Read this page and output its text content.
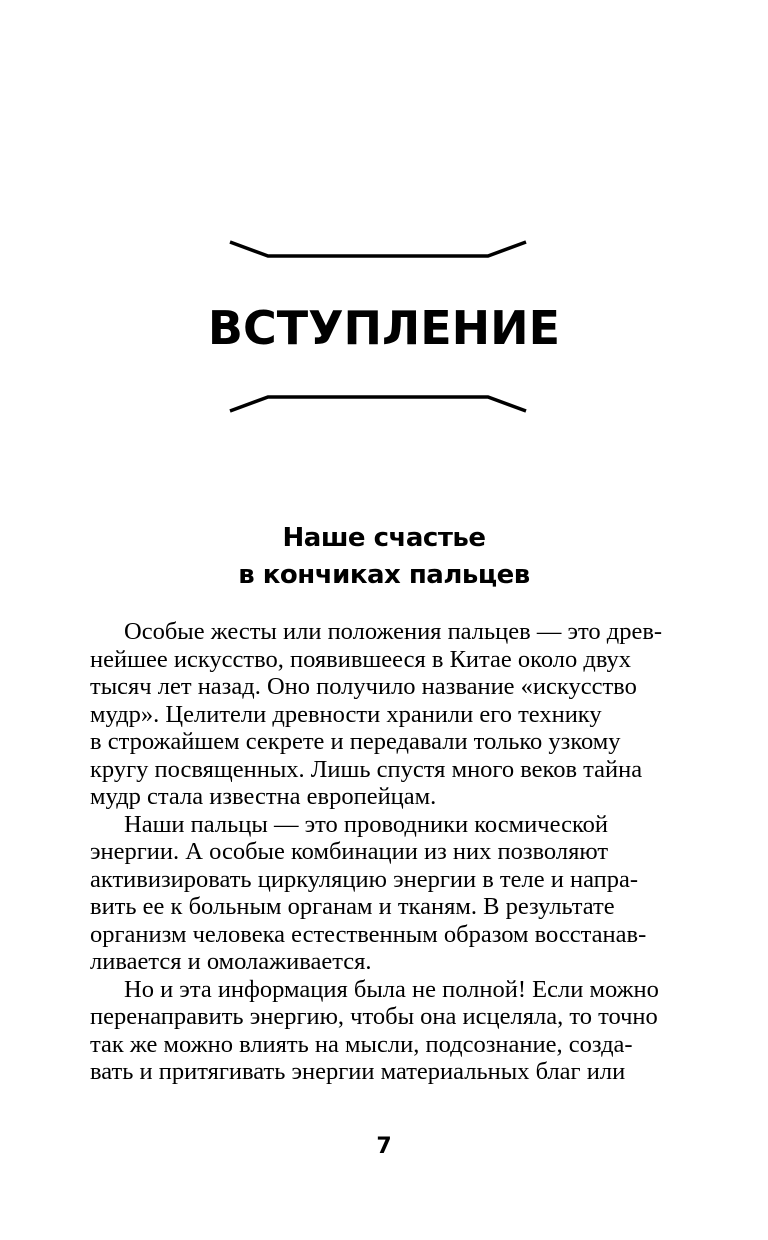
ВСТУПЛЕНИЕ
Наше счастье
в кончиках пальцев

Особые жесты или положения пальцев — это древ-
нейшее искусство, появившееся в Китае около двух
тысяч лет назад. Оно получило название «искусство
мудр». Целители древности хранили его технику
в строжайшем секрете и передавали только узкому
кругу посвященных. Лишь спустя много веков тайна
мудр стала известна европейцам.

Наши пальцы — это проводники космической
энергии. А особые комбинации из них позволяют
активизировать циркуляцию энергии в теле и напра-
вить ее к больным органам и тканям. В результате
организм человека естественным образом восстанав-
ливается и омолаживается.

Но и эта информация была не полной! Если можно
перенаправить энергию, чтобы она исцеляла, то точно
так же можно влиять на мысли, подсознание, созда-
вать и притягивать энергии материальных благ или

7
